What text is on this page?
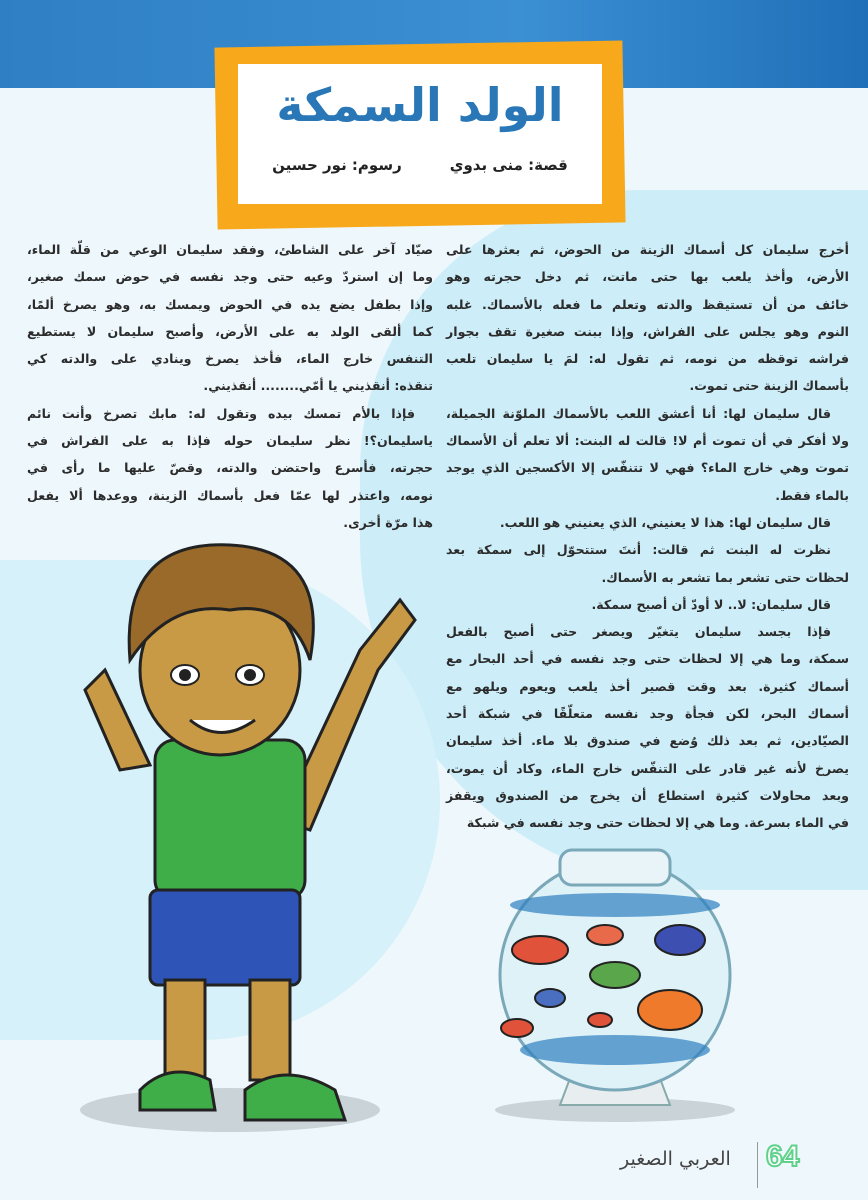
الولد السمكة
قصة: منى بدوي
رسوم: نور حسين
أخرج سليمان كل أسماك الزينة من الحوض، ثم بعثرها على
الأرض، وأخذ يلعب بها حتى ماتت، ثم دخل حجرته وهو
خائف من أن تستيقظ والدته وتعلم ما فعله بالأسماك. غلبه
النوم وهو يجلس على الفراش، وإذا ببنت صغيرة تقف بجوار
فراشه توقظه من نومه، ثم تقول له: لمَ يا سليمان تلعب
بأسماك الزينة حتى تموت.
قال سليمان لها: أنا أعشق اللعب بالأسماك الملوّنة الجميلة،
ولا أفكر في أن تموت أم لا! قالت له البنت: ألا تعلم أن الأسماك
تموت وهي خارج الماء؟ فهي لا تتنفّس إلا الأكسجين الذي يوجد
بالماء فقط.
قال سليمان لها: هذا لا يعنيني، الذي يعنيني هو اللعب.
نظرت له البنت ثم قالت: أنتَ ستتحوّل إلى سمكة بعد
لحظات حتى تشعر بما تشعر به الأسماك.
قال سليمان: لا.. لا أودّ أن أصبح سمكة.
فإذا بجسد سليمان يتغيّر ويصغر حتى أصبح بالفعل
سمكة، وما هي إلا لحظات حتى وجد نفسه في أحد البحار مع
أسماك كثيرة. بعد وقت قصير أخذ يلعب ويعوم ويلهو مع
أسماك البحر، لكن فجأة وجد نفسه متعلّقًا في شبكة أحد
الصيّادين، ثم بعد ذلك وُضع في صندوق بلا ماء. أخذ سليمان
يصرخ لأنه غير قادر على التنفّس خارج الماء، وكاد أن يموت،
وبعد محاولات كثيرة استطاع أن يخرج من الصندوق ويقفز
في الماء بسرعة. وما هي إلا لحظات حتى وجد نفسه في شبكة
صيّاد آخر على الشاطئ، وفقد سليمان الوعي من قلّة الماء،
وما إن استردّ وعيه حتى وجد نفسه في حوض سمك صغير،
وإذا بطفل يضع يده في الحوض ويمسك به، وهو يصرخ ألمًا،
كما ألقى الولد به على الأرض، وأصبح سليمان لا يستطيع
التنفس خارج الماء، فأخذ يصرخ وينادي على والدته كي
تنقذه: أنقذيني يا أمّي........ أنقذيني.
فإذا بالأم تمسك بيده وتقول له: مابك تصرخ وأنت نائم
ياسليمان؟! نظر سليمان حوله فإذا به على الفراش في
حجرته، فأسرع واحتضن والدته، وقصّ عليها ما رأى في
نومه، واعتذر لها عمّا فعل بأسماك الزينة، ووعدها ألا يفعل
هذا مرّة أخرى.
64
العربي الصغير
